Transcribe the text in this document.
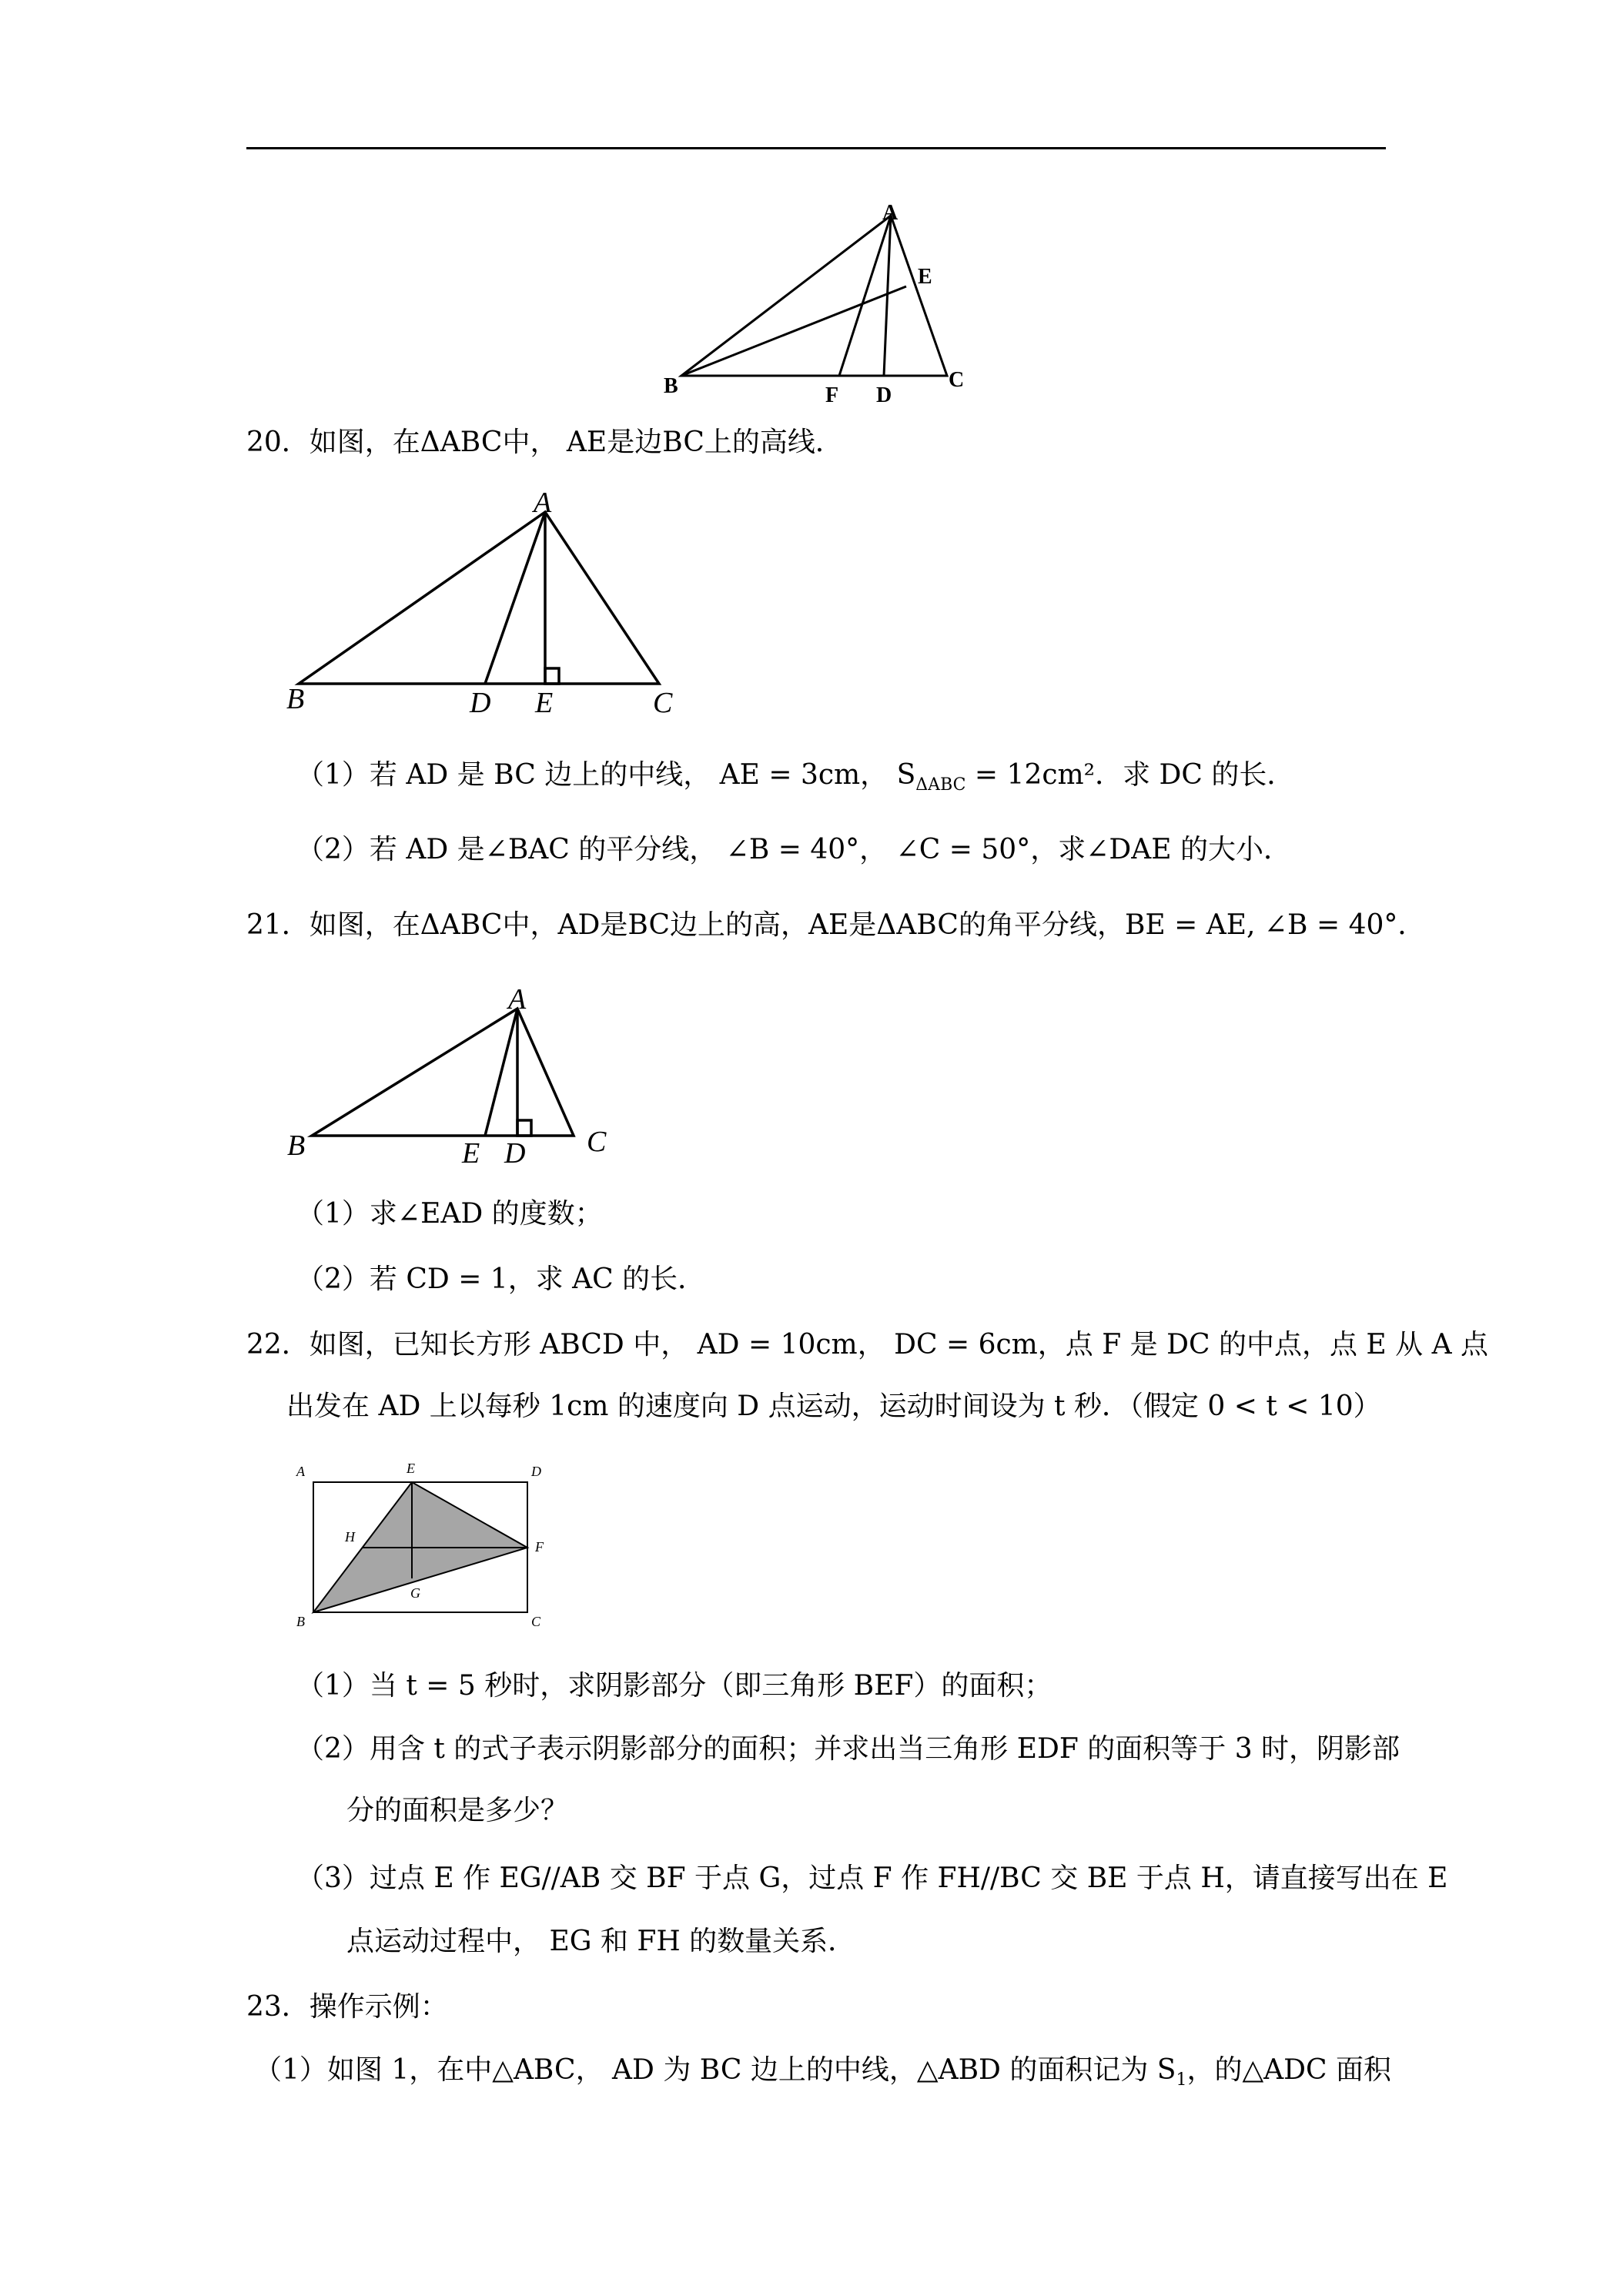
A
E
B	F D
C
20．如图，在ΔABC中， AE是边BC上的高线．
A
B	D E	C
（1）若 AD 是 BC 边上的中线， AE = 3cm， $S_{\Delta ABC} = 12cm^2$．求 DC 的长．
（2）若 AD 是∠BAC 的平分线， ∠B = 40°， ∠C = 50°，求∠DAE 的大小．
21．如图，在ΔABC中，AD是BC边上的高，AE是ΔABC的角平分线，BE = AE, ∠B = 40°．
A
B	E D C
（1）求∠EAD 的度数；
（2）若 CD = 1，求 AC 的长．
22．如图，已知长方形 ABCD 中， AD = 10cm， DC = 6cm，点 F 是 DC 的中点，点 E 从 A 点
出发在 AD 上以每秒 1cm 的速度向 D 点运动，运动时间设为 t 秒．（假定 0 < t < 10）
A	E	D
H
F
G
B	C
（1）当 t = 5 秒时，求阴影部分（即三角形 BEF）的面积；
（2）用含 t 的式子表示阴影部分的面积；并求出当三角形 EDF 的面积等于 3 时，阴影部
分的面积是多少？
（3）过点 E 作 EG//AB 交 BF 于点 G，过点 F 作 FH//BC 交 BE 于点 H，请直接写出在 E
点运动过程中， EG 和 FH 的数量关系．
23．操作示例：
（1）如图 1，在中△ABC， AD 为 BC 边上的中线，△ABD 的面积记为 $S_1$，的△ADC 面积
